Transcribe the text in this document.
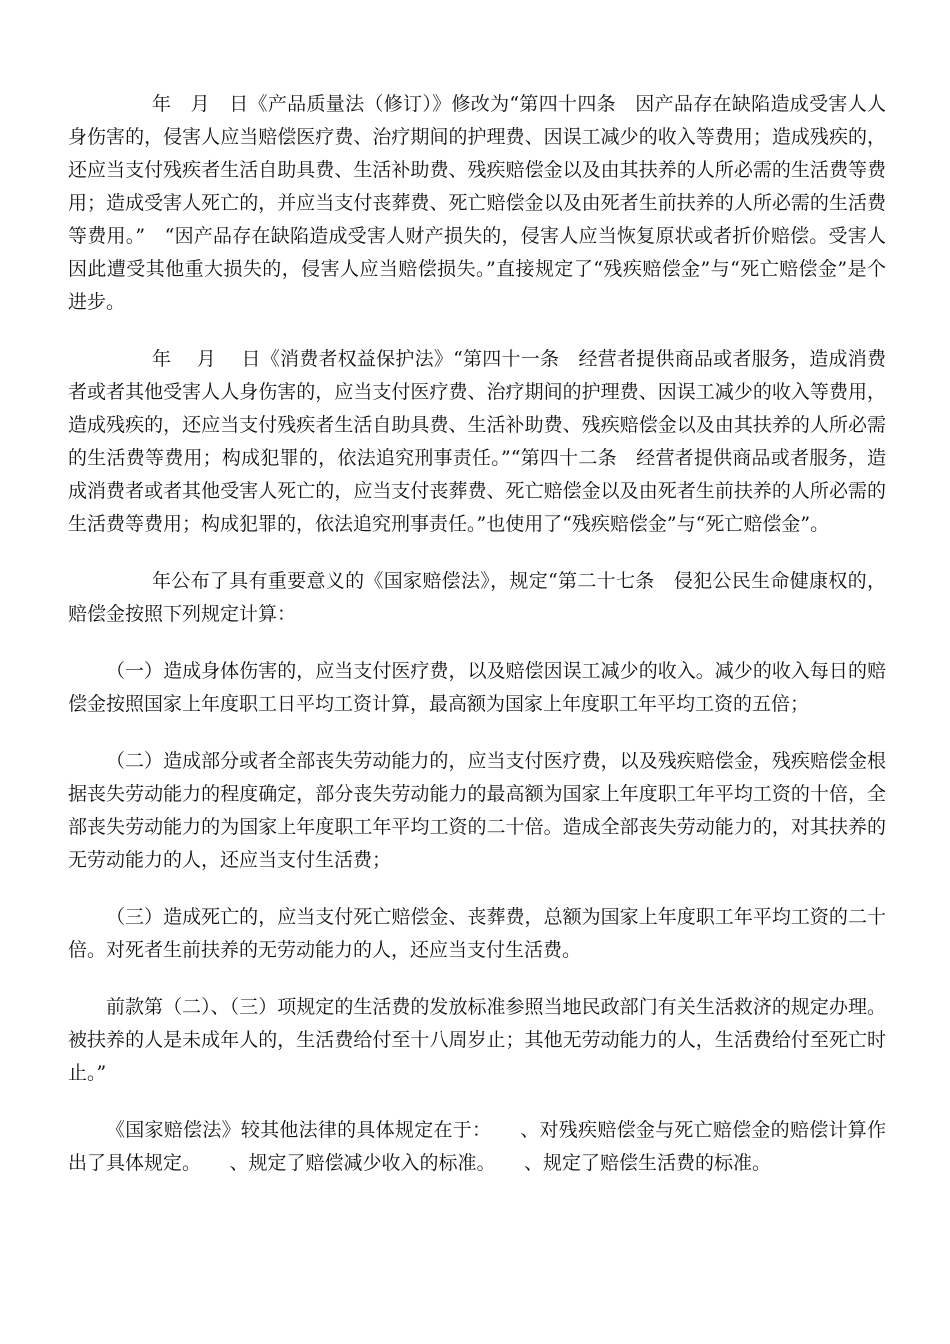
年　月　日《产品质量法（修订）》修改为“第四十四条　因产品存在缺陷造成受害人人身伤害的，侵害人应当赔偿医疗费、治疗期间的护理费、因误工减少的收入等费用；造成残疾的，还应当支付残疾者生活自助具费、生活补助费、残疾赔偿金以及由其扶养的人所必需的生活费等费用；造成受害人死亡的，并应当支付丧葬费、死亡赔偿金以及由死者生前扶养的人所必需的生活费等费用。”　“因产品存在缺陷造成受害人财产损失的，侵害人应当恢复原状或者折价赔偿。受害人因此遭受其他重大损失的，侵害人应当赔偿损失。”直接规定了“残疾赔偿金”与“死亡赔偿金”是个进步。

年　 月　 日《消费者权益保护法》“第四十一条　经营者提供商品或者服务，造成消费者或者其他受害人人身伤害的，应当支付医疗费、治疗期间的护理费、因误工减少的收入等费用，造成残疾的，还应当支付残疾者生活自助具费、生活补助费、残疾赔偿金以及由其扶养的人所必需的生活费等费用；构成犯罪的，依法追究刑事责任。”“第四十二条　经营者提供商品或者服务，造成消费者或者其他受害人死亡的，应当支付丧葬费、死亡赔偿金以及由死者生前扶养的人所必需的生活费等费用；构成犯罪的，依法追究刑事责任。”也使用了“残疾赔偿金”与“死亡赔偿金”。

年公布了具有重要意义的《国家赔偿法》，规定“第二十七条　侵犯公民生命健康权的，赔偿金按照下列规定计算：

（一）造成身体伤害的，应当支付医疗费，以及赔偿因误工减少的收入。减少的收入每日的赔偿金按照国家上年度职工日平均工资计算，最高额为国家上年度职工年平均工资的五倍；

（二）造成部分或者全部丧失劳动能力的，应当支付医疗费，以及残疾赔偿金，残疾赔偿金根据丧失劳动能力的程度确定，部分丧失劳动能力的最高额为国家上年度职工年平均工资的十倍，全部丧失劳动能力的为国家上年度职工年平均工资的二十倍。造成全部丧失劳动能力的，对其扶养的无劳动能力的人，还应当支付生活费；

（三）造成死亡的，应当支付死亡赔偿金、丧葬费，总额为国家上年度职工年平均工资的二十倍。对死者生前扶养的无劳动能力的人，还应当支付生活费。

前款第（二）、（三）项规定的生活费的发放标准参照当地民政部门有关生活救济的规定办理。被扶养的人是未成年人的，生活费给付至十八周岁止；其他无劳动能力的人，生活费给付至死亡时止。”

《国家赔偿法》较其他法律的具体规定在于：　　、对残疾赔偿金与死亡赔偿金的赔偿计算作出了具体规定。　　、规定了赔偿减少收入的标准。　　、规定了赔偿生活费的标准。
